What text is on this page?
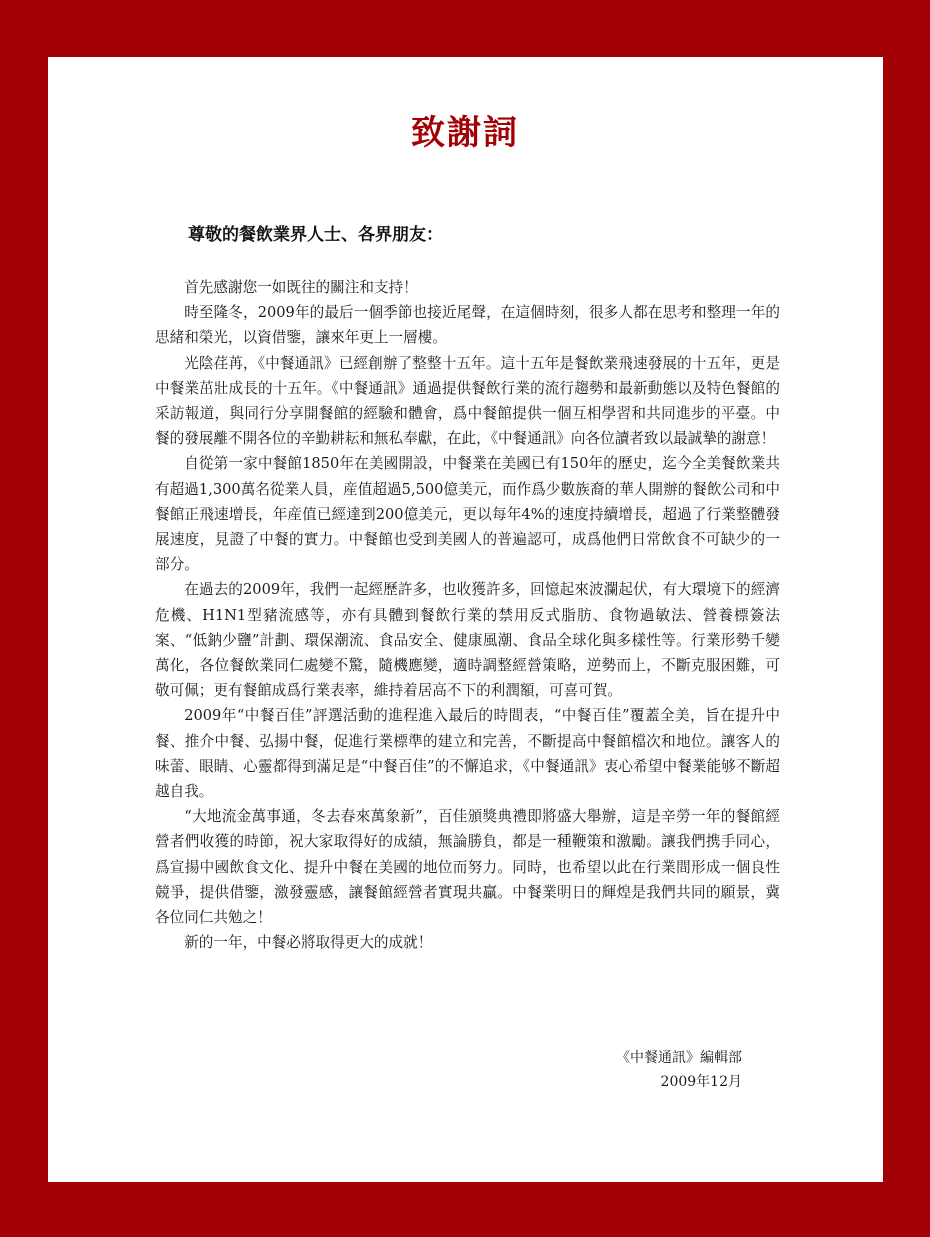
致謝詞
尊敬的餐飲業界人士、各界朋友：

首先感謝您一如既往的關注和支持！

時至隆冬，2009年的最后一個季節也接近尾聲，在這個時刻，很多人都在思考和整理一年的思緒和榮光，以資借鑒，讓來年更上一層樓。

光陰荏苒，《中餐通訊》已經創辦了整整十五年。這十五年是餐飲業飛速發展的十五年，更是中餐業茁壯成長的十五年。《中餐通訊》通過提供餐飲行業的流行趨勢和最新動態以及特色餐館的采訪報道，與同行分享開餐館的經驗和體會，爲中餐館提供一個互相學習和共同進步的平臺。中餐的發展離不開各位的辛勤耕耘和無私奉獻，在此，《中餐通訊》向各位讀者致以最誠摯的謝意！

自從第一家中餐館1850年在美國開設，中餐業在美國已有150年的歷史，迄今全美餐飲業共有超過1,300萬名從業人員，産值超過5,500億美元，而作爲少數族裔的華人開辦的餐飲公司和中餐館正飛速增長，年産值已經達到200億美元，更以每年4%的速度持續增長，超過了行業整體發展速度，見證了中餐的實力。中餐館也受到美國人的普遍認可，成爲他們日常飲食不可缺少的一部分。

在過去的2009年，我們一起經歷許多，也收獲許多，回憶起來波瀾起伏，有大環境下的經濟危機、H1N1型豬流感等，亦有具體到餐飲行業的禁用反式脂肪、食物過敏法、營養標簽法案、“低鈉少鹽”計劃、環保潮流、食品安全、健康風潮、食品全球化與多樣性等。行業形勢千變萬化，各位餐飲業同仁處變不驚，隨機應變，適時調整經營策略，逆勢而上，不斷克服困難，可敬可佩；更有餐館成爲行業表率，維持着居高不下的利潤額，可喜可賀。

2009年“中餐百佳”評選活動的進程進入最后的時間表，“中餐百佳”覆蓋全美，旨在提升中餐、推介中餐、弘揚中餐，促進行業標準的建立和完善，不斷提高中餐館檔次和地位。讓客人的味蕾、眼睛、心靈都得到滿足是“中餐百佳”的不懈追求，《中餐通訊》衷心希望中餐業能够不斷超越自我。

“大地流金萬事通，冬去春來萬象新”，百佳頒獎典禮即將盛大舉辦，這是辛勞一年的餐館經營者們收獲的時節，祝大家取得好的成績，無論勝負，都是一種鞭策和激勵。讓我們携手同心，爲宣揚中國飲食文化、提升中餐在美國的地位而努力。同時，也希望以此在行業間形成一個良性競爭，提供借鑒，激發靈感，讓餐館經營者實現共贏。中餐業明日的輝煌是我們共同的願景，冀各位同仁共勉之！

新的一年，中餐必將取得更大的成就！

《中餐通訊》編輯部
2009年12月
